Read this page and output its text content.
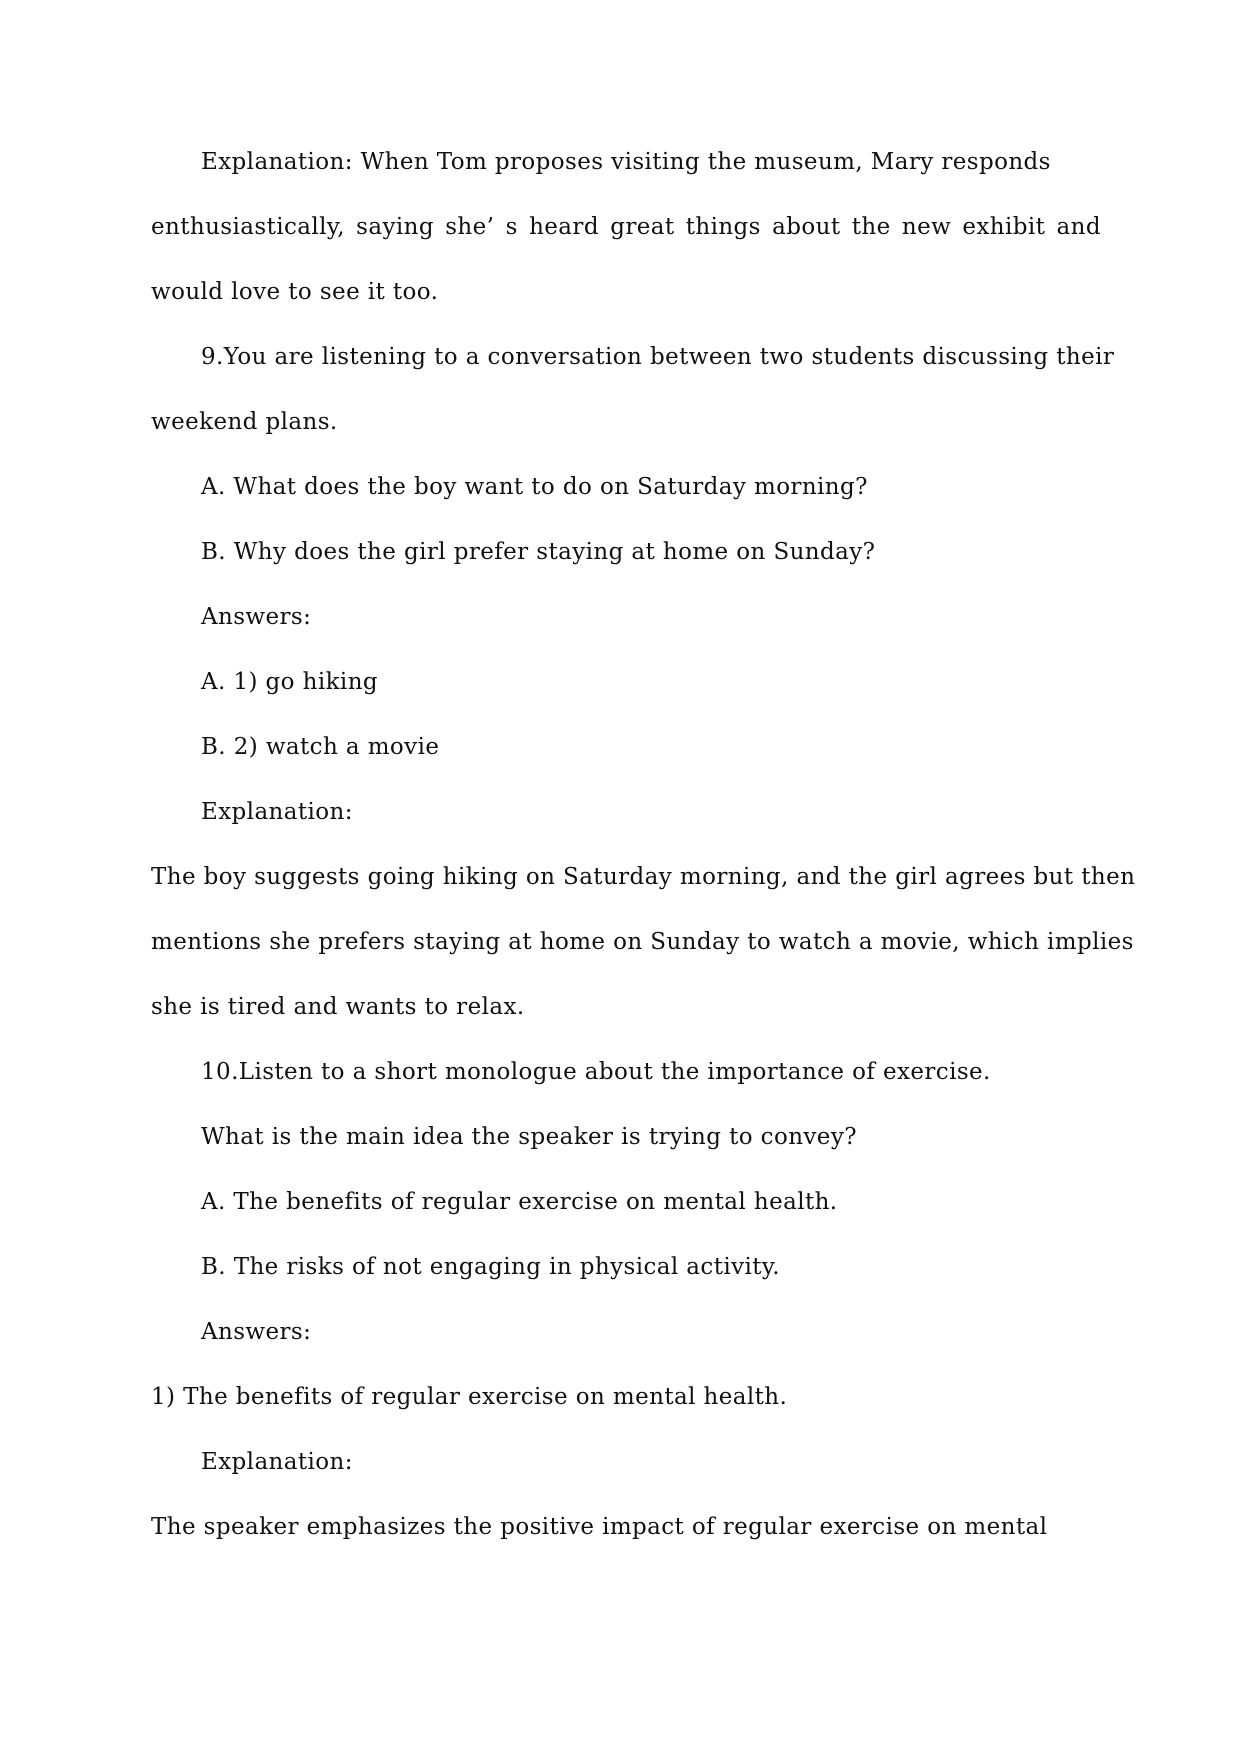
Explanation: When Tom proposes visiting the museum, Mary responds
enthusiastically, saying she’ s heard great things about the new exhibit and
would love to see it too.
9.You are listening to a conversation between two students discussing their
weekend plans.
A. What does the boy want to do on Saturday morning?
B. Why does the girl prefer staying at home on Sunday?
Answers:
A. 1) go hiking
B. 2) watch a movie
Explanation:
The boy suggests going hiking on Saturday morning, and the girl agrees but then
mentions she prefers staying at home on Sunday to watch a movie, which implies
she is tired and wants to relax.
10.Listen to a short monologue about the importance of exercise.
What is the main idea the speaker is trying to convey?
A. The benefits of regular exercise on mental health.
B. The risks of not engaging in physical activity.
Answers:
1) The benefits of regular exercise on mental health.
Explanation:
The speaker emphasizes the positive impact of regular exercise on mental
